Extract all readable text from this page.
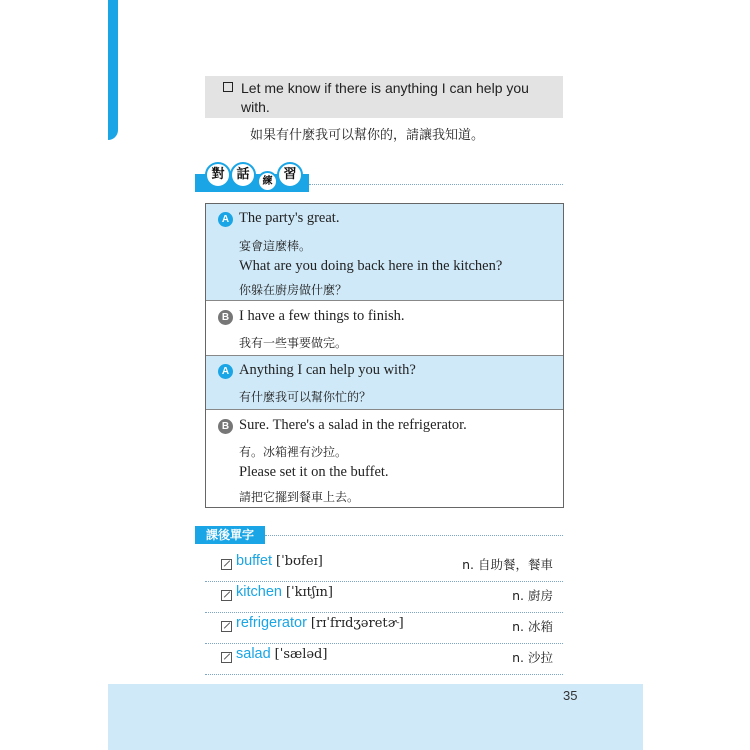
Let me know if there is anything I can help you with.
如果有什麼我可以幫你的，請讓我知道。
對 話	練 習
A The party's great.
宴會這麼棒。
What are you doing back here in the kitchen?
你躲在廚房做什麼？
B I have a few things to finish.
我有一些事要做完。
A Anything I can help you with?
有什麼我可以幫你忙的？
B Sure. There's a salad in the refrigerator.
有。冰箱裡有沙拉。
Please set it on the buffet.
請把它擺到餐車上去。
課後單字
buffet [ˈbʊfeɪ]	n. 自助餐，餐車
kitchen [ˈkɪtʃɪn]	n. 廚房
refrigerator [rɪˈfrɪdʒəretɚ]	n. 冰箱
salad [ˈsæləd]	n. 沙拉
35
